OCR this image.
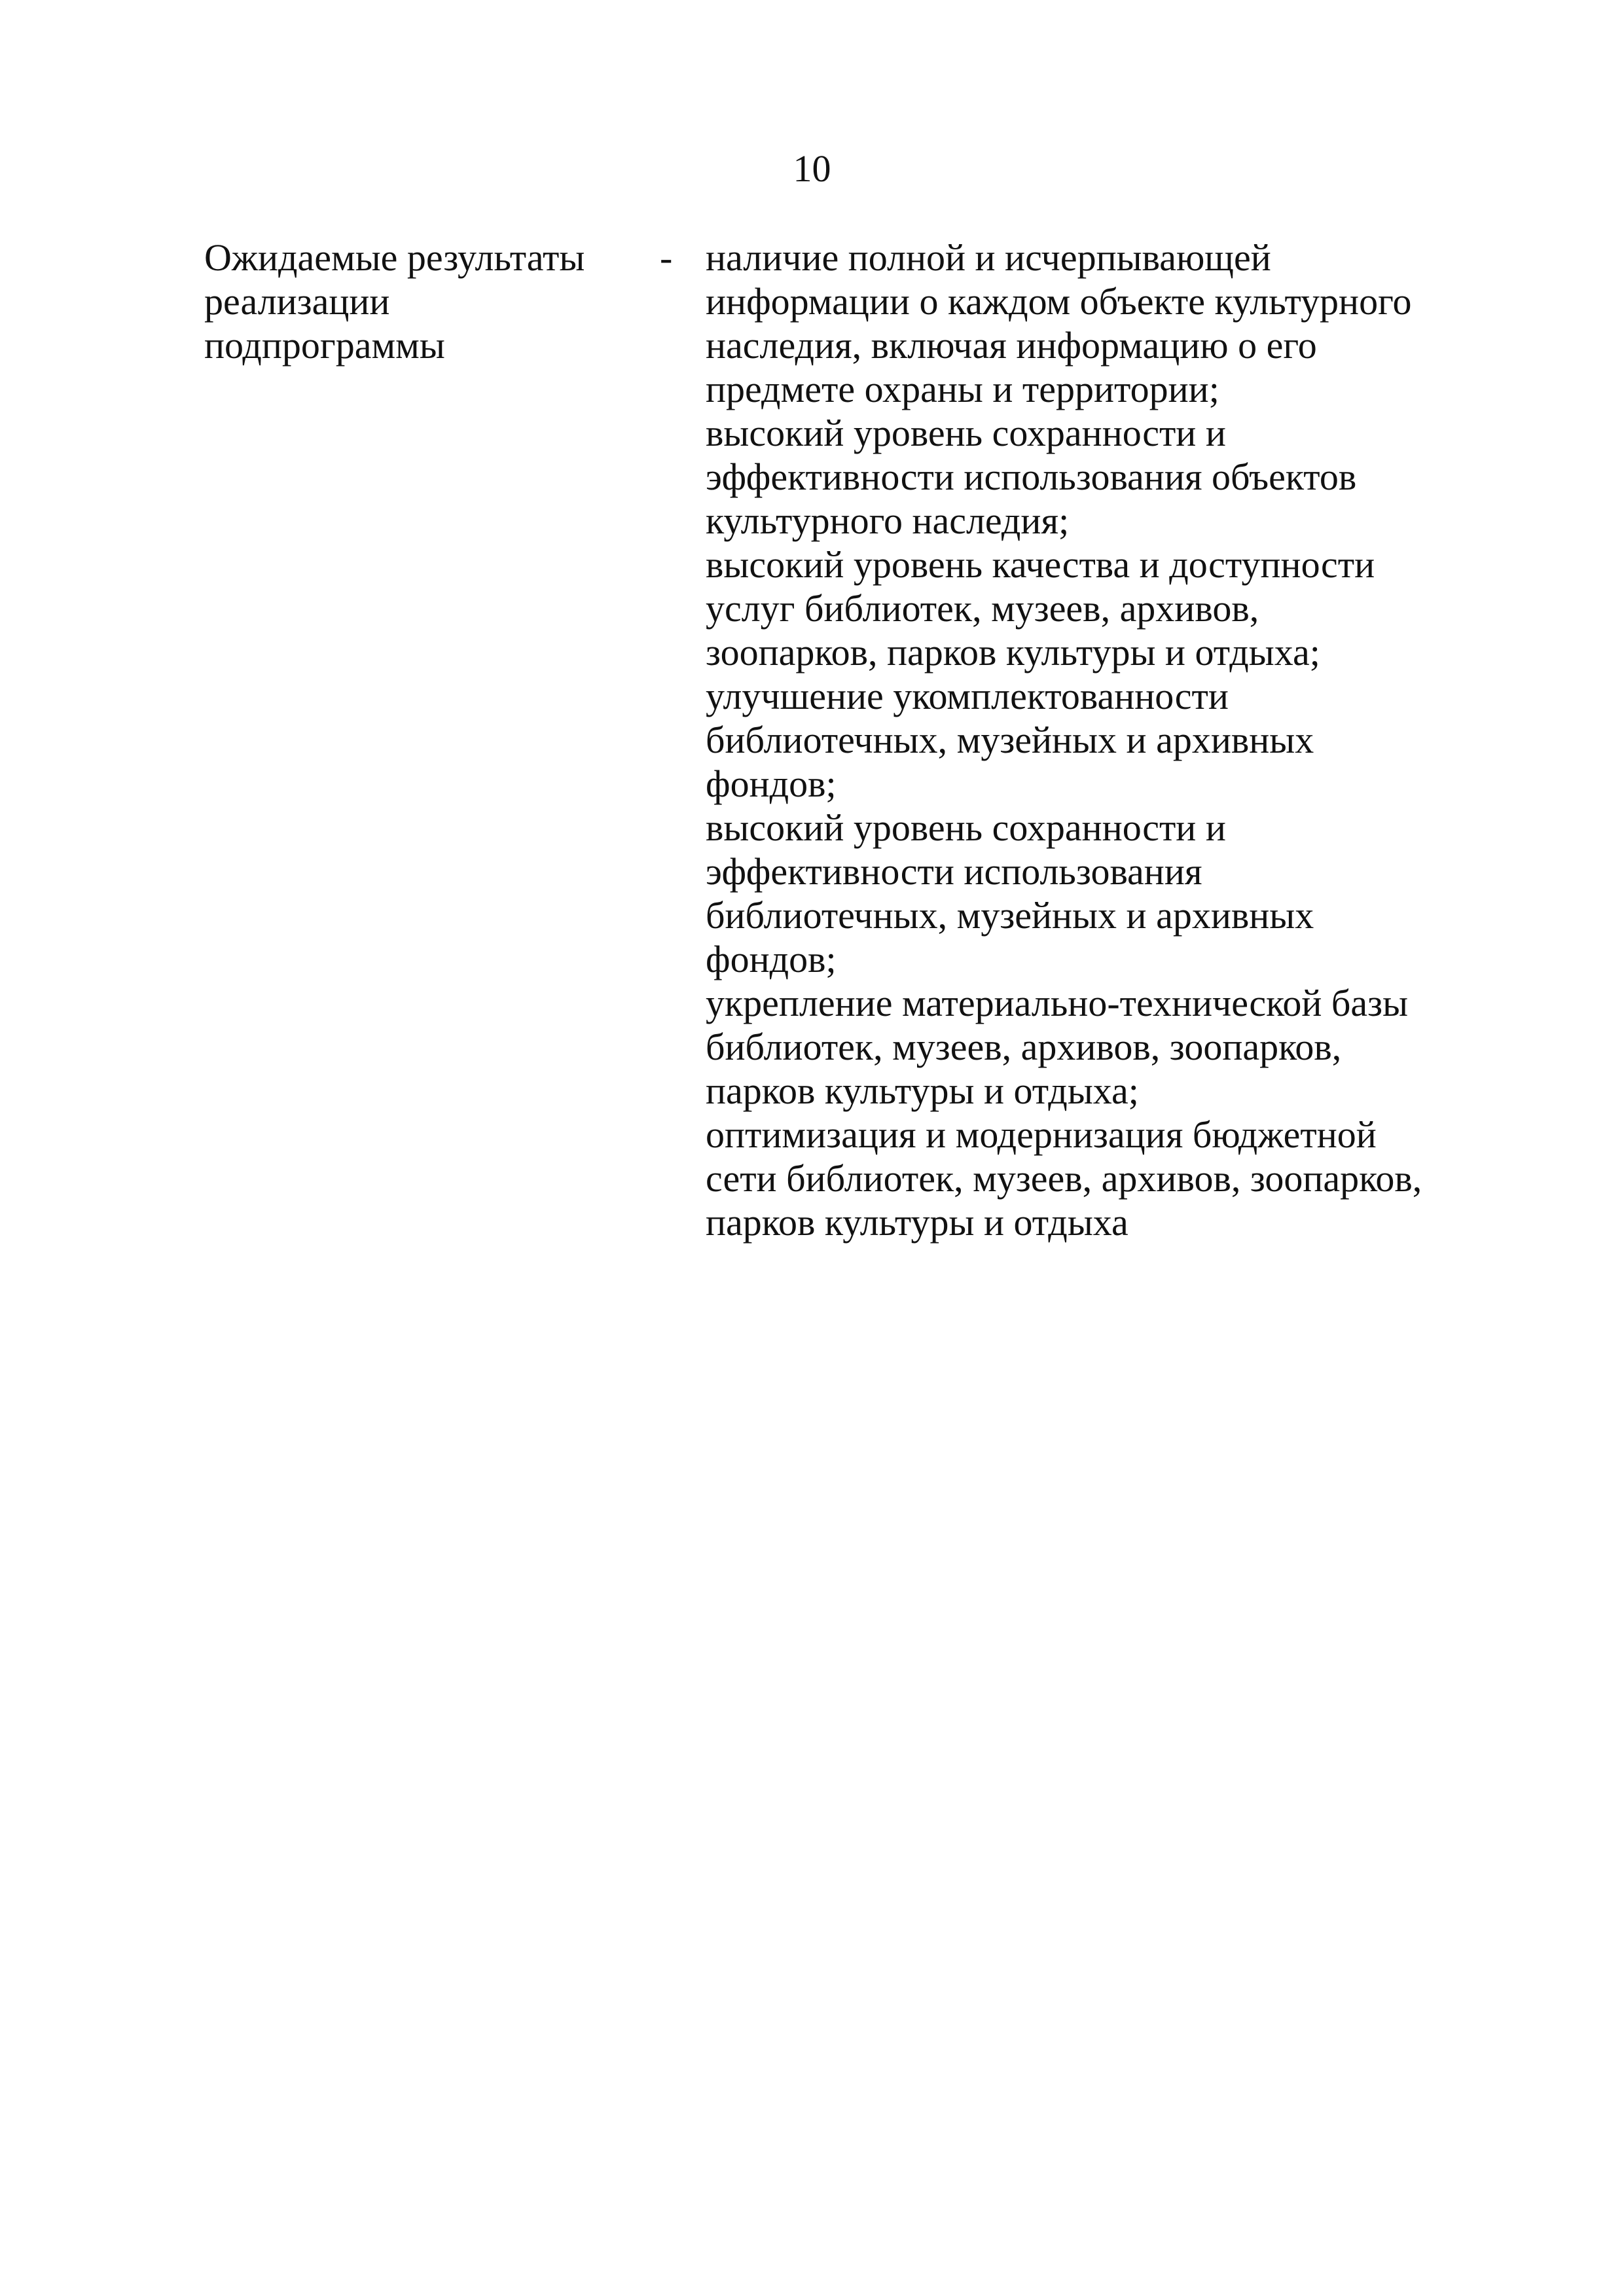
10
Ожидаемые результаты
реализации
подпрограммы
- наличие полной и исчерпывающей
информации о каждом объекте культурного
наследия, включая информацию о его
предмете охраны и территории;
высокий уровень сохранности и
эффективности использования объектов
культурного наследия;
высокий уровень качества и доступности
услуг библиотек, музеев, архивов,
зоопарков, парков культуры и отдыха;
улучшение укомплектованности
библиотечных, музейных и архивных
фондов;
высокий уровень сохранности и
эффективности использования
библиотечных, музейных и архивных
фондов;
укрепление материально-технической базы
библиотек, музеев, архивов, зоопарков,
парков культуры и отдыха;
оптимизация и модернизация бюджетной
сети библиотек, музеев, архивов, зоопарков,
парков культуры и отдыха
